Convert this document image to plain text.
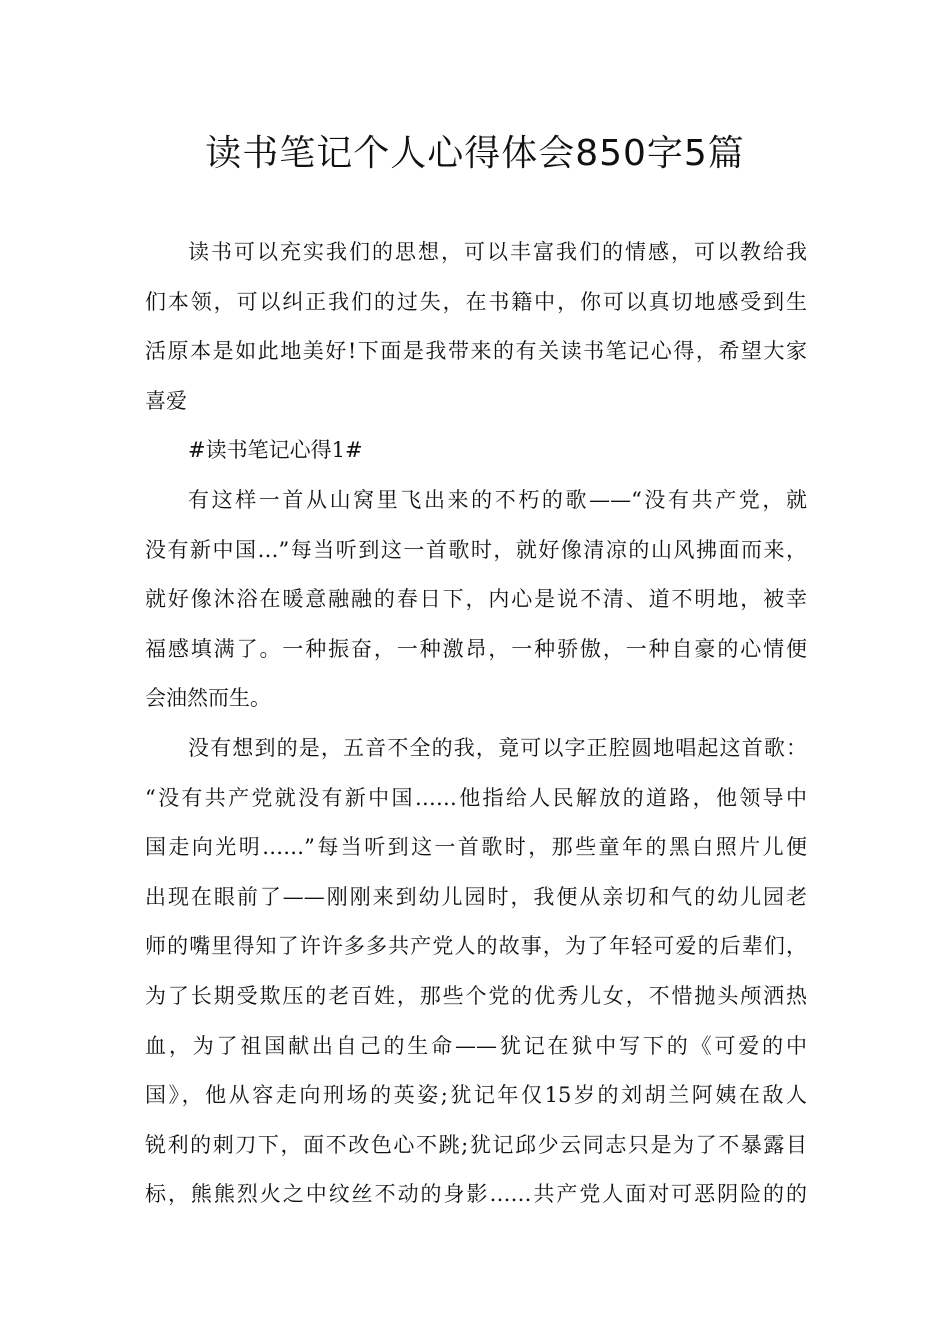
读书笔记个人心得体会850字5篇
读书可以充实我们的思想，可以丰富我们的情感，可以教给我
们本领，可以纠正我们的过失，在书籍中，你可以真切地感受到生
活原本是如此地美好!下面是我带来的有关读书笔记心得，希望大家
喜爱
#读书笔记心得1#
有这样一首从山窝里飞出来的不朽的歌——“没有共产党，就
没有新中国…”每当听到这一首歌时，就好像清凉的山风拂面而来，
就好像沐浴在暖意融融的春日下，内心是说不清、道不明地，被幸
福感填满了。一种振奋，一种激昂，一种骄傲，一种自豪的心情便
会油然而生。
没有想到的是，五音不全的我，竟可以字正腔圆地唱起这首歌：
“没有共产党就没有新中国……他指给人民解放的道路，他领导中
国走向光明……”每当听到这一首歌时，那些童年的黑白照片儿便
出现在眼前了——刚刚来到幼儿园时，我便从亲切和气的幼儿园老
师的嘴里得知了许许多多共产党人的故事，为了年轻可爱的后辈们，
为了长期受欺压的老百姓，那些个党的优秀儿女，不惜抛头颅洒热
血，为了祖国献出自己的生命——犹记在狱中写下的《可爱的中
国》，他从容走向刑场的英姿;犹记年仅15岁的刘胡兰阿姨在敌人
锐利的刺刀下，面不改色心不跳;犹记邱少云同志只是为了不暴露目
标，熊熊烈火之中纹丝不动的身影……共产党人面对可恶阴险的的
